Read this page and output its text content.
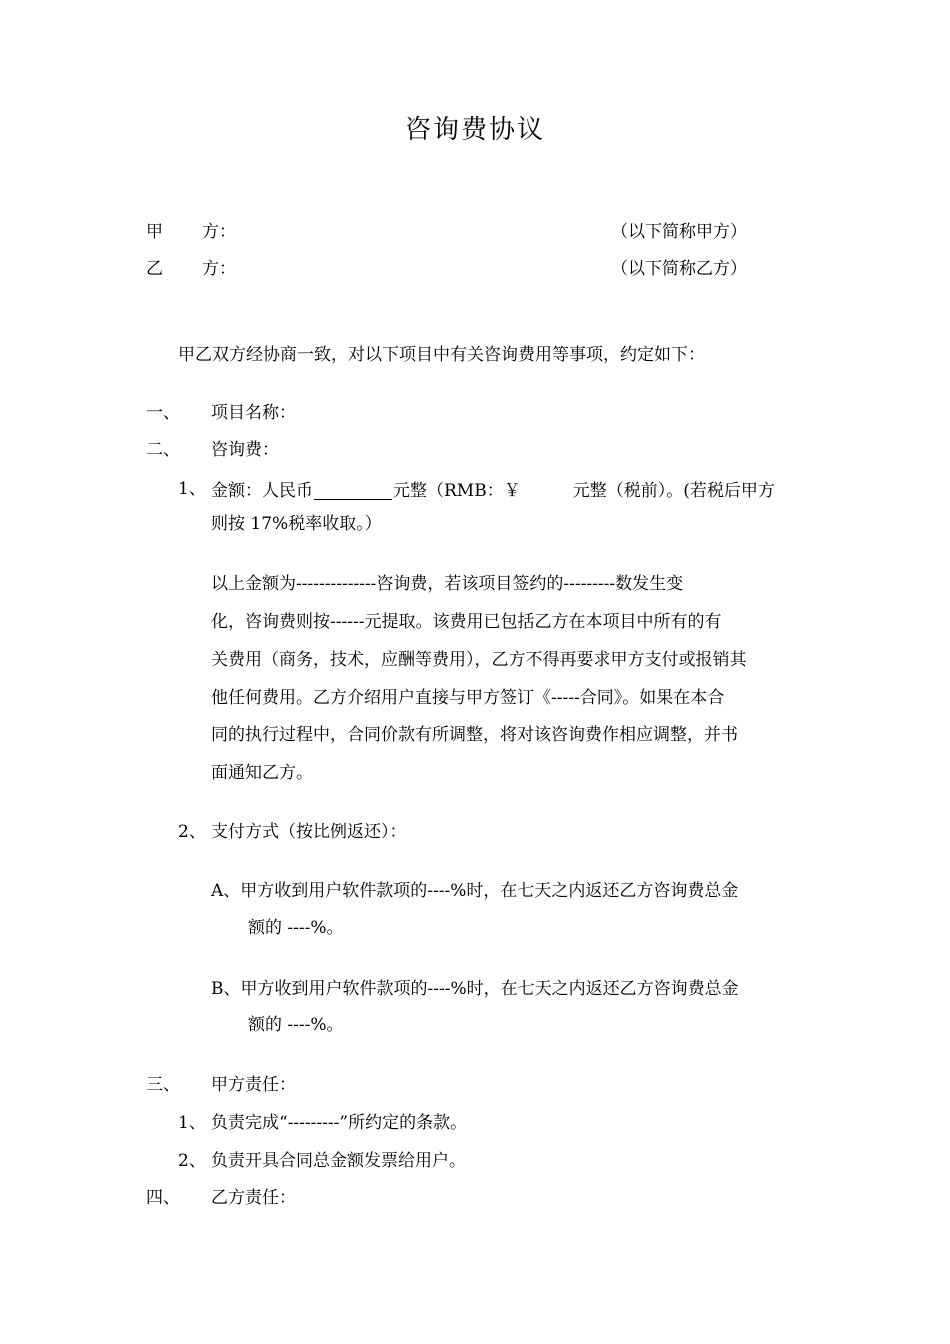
咨询费协议
甲 方：	（以下简称甲方）
乙 方：	（以下简称乙方）
甲乙双方经协商一致，对以下项目中有关咨询费用等事项，约定如下：
一、 项目名称：
二、 咨询费：
1、 金额：人民币	元整（RMB：￥	元整（税前）。(若税后甲方
则按 17%税率收取。）
以上金额为--------------咨询费，若该项目签约的---------数发生变
化，咨询费则按------元提取。该费用已包括乙方在本项目中所有的有
关费用（商务，技术，应酬等费用），乙方不得再要求甲方支付或报销其
他任何费用。乙方介绍用户直接与甲方签订《-----合同》。如果在本合
同的执行过程中，合同价款有所调整，将对该咨询费作相应调整，并书
面通知乙方。
2、 支付方式（按比例返还）：
A、甲方收到用户软件款项的----%时，在七天之内返还乙方咨询费总金
额的 ----%。
B、甲方收到用户软件款项的----%时，在七天之内返还乙方咨询费总金
额的 ----%。
三、 甲方责任：
1、 负责完成“---------”所约定的条款。
2、 负责开具合同总金额发票给用户。
四、 乙方责任：
